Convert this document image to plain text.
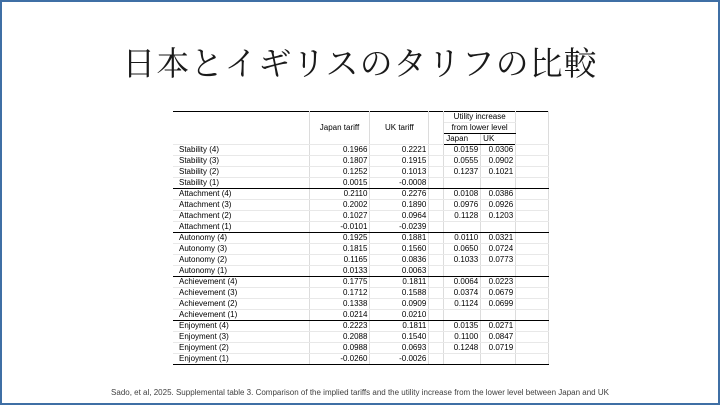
日本とイギリスのタリフの比較
	Japan tariff	UK tariff		Utility increase		
				from lower level		
				Japan	UK	
Stability (4)	0.1966	0.2221		0.0159	0.0306	
Stability (3)	0.1807	0.1915		0.0555	0.0902	
Stability (2)	0.1252	0.1013		0.1237	0.1021	
Stability (1)	0.0015	-0.0008				
Attachment (4)	0.2110	0.2276		0.0108	0.0386	
Attachment (3)	0.2002	0.1890		0.0976	0.0926	
Attachment (2)	0.1027	0.0964		0.1128	0.1203	
Attachment (1)	-0.0101	-0.0239				
Autonomy (4)	0.1925	0.1881		0.0110	0.0321	
Autonomy (3)	0.1815	0.1560		0.0650	0.0724	
Autonomy (2)	0.1165	0.0836		0.1033	0.0773	
Autonomy (1)	0.0133	0.0063				
Achievement (4)	0.1775	0.1811		0.0064	0.0223	
Achievement (3)	0.1712	0.1588		0.0374	0.0679	
Achievement (2)	0.1338	0.0909		0.1124	0.0699	
Achievement (1)	0.0214	0.0210				
Enjoyment (4)	0.2223	0.1811		0.0135	0.0271	
Enjoyment (3)	0.2088	0.1540		0.1100	0.0847	
Enjoyment (2)	0.0988	0.0693		0.1248	0.0719	
Enjoyment (1)	-0.0260	-0.0026				
Sado, et al, 2025. Supplemental table 3. Comparison of the implied tariffs and the utility increase from the lower level between Japan and UK
